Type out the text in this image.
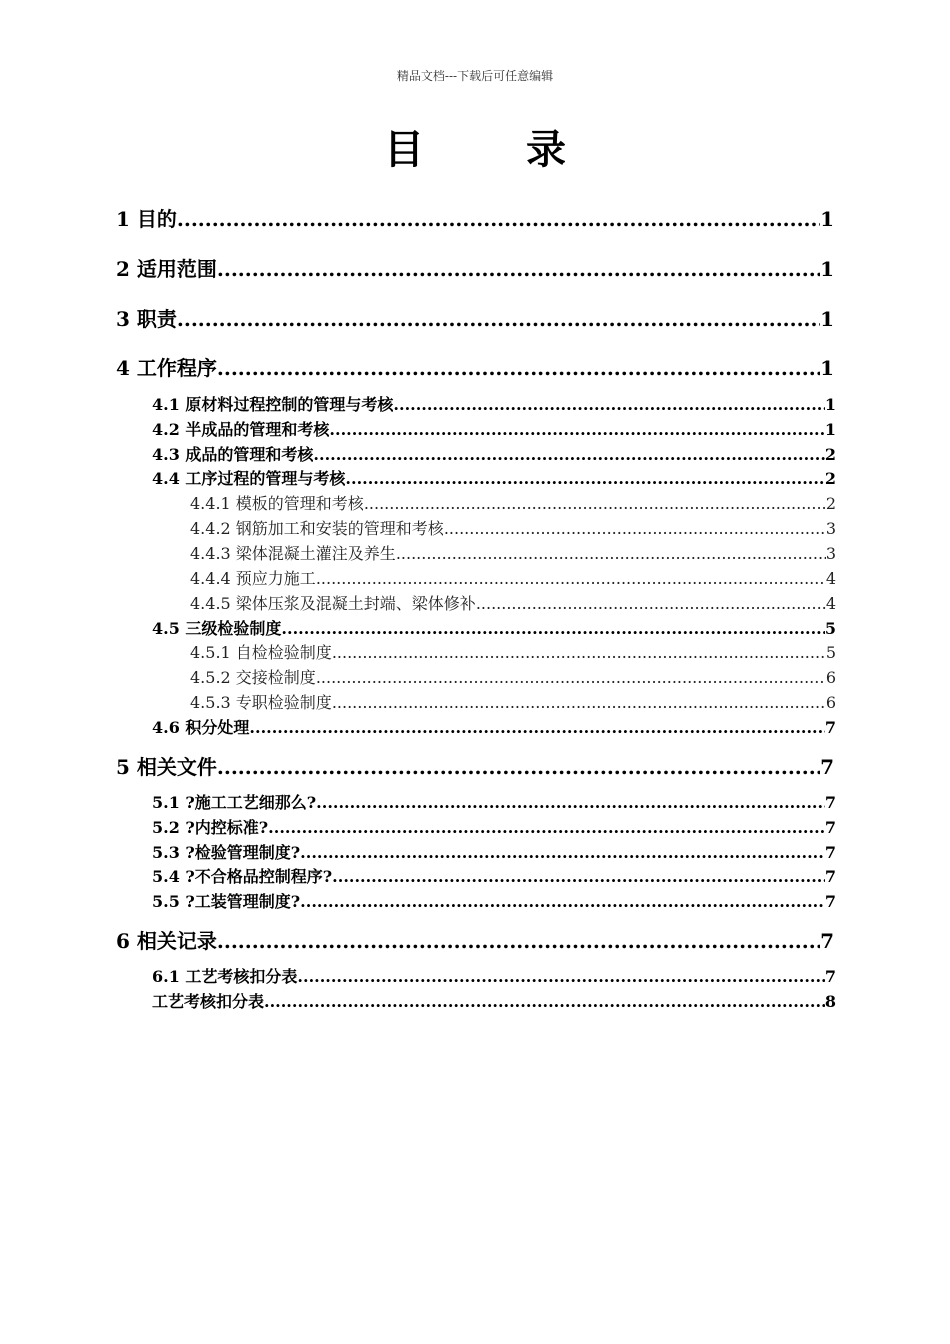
精品文档---下载后可任意编辑
目 录
1 目的 .....	1
2 适用范围 .....	1
3 职责 .....	1
4 工作程序 .....	1
4.1 原材料过程控制的管理与考核 .....	1
4.2 半成品的管理和考核 .....	1
4.3 成品的管理和考核 .....	2
4.4 工序过程的管理与考核 .....	2
4.4.1 模板的管理和考核 .....	2
4.4.2 钢筋加工和安装的管理和考核 .....	3
4.4.3 梁体混凝土灌注及养生 .....	3
4.4.4 预应力施工 .....	4
4.4.5 梁体压浆及混凝土封端、梁体修补 .....	4
4.5 三级检验制度 .....	5
4.5.1 自检检验制度 .....	5
4.5.2 交接检制度 .....	6
4.5.3 专职检验制度 .....	6
4.6 积分处理 .....	7
5 相关文件 .....	7
5.1 ?施工工艺细那么? .....	7
5.2 ?内控标准? .....	7
5.3 ?检验管理制度? .....	7
5.4 ?不合格品控制程序? .....	7
5.5 ?工装管理制度? .....	7
6 相关记录 .....	7
6.1 工艺考核扣分表 .....	7
工艺考核扣分表 .....	8
